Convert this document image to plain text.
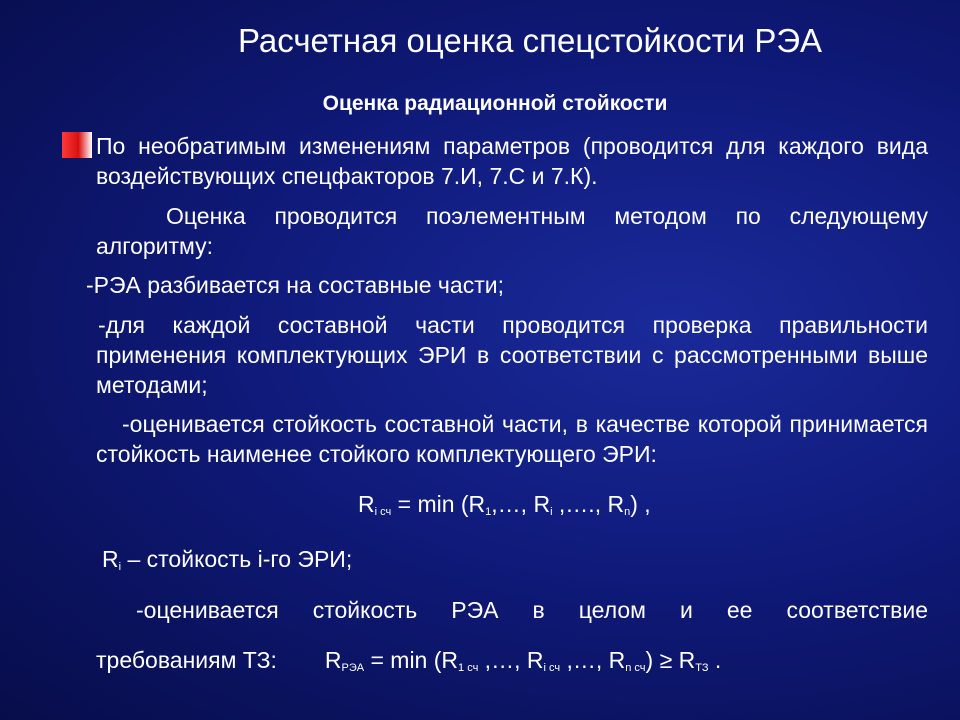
Расчетная оценка спецстойкости РЭА
Оценка радиационной стойкости
По необратимым изменениям параметров (проводится для каждого вида воздействующих спецфакторов 7.И, 7.С и 7.К).
Оценка проводится поэлементным методом по следующему алгоритму:
-РЭА разбивается на составные части;
-для каждой составной части проводится проверка правильности применения комплектующих ЭРИ в соответствии с рассмотренными выше методами;
-оценивается стойкость составной части, в качестве которой принимается стойкость наименее стойкого комплектующего ЭРИ:
$R_{i сч} = \min$ ($R_1,\dots$, $R_i$ ,…., $R_n$) ,
$R_i$ – стойкость i-го ЭРИ;
-оценивается стойкость РЭА в целом и ее соответствие
требованиям ТЗ: $R_{РЭА} = \min (R_{1 сч}$ ,…, $R_{i сч}$ ,…, $R_{n сч}) \ge R_{ТЗ}$ .
